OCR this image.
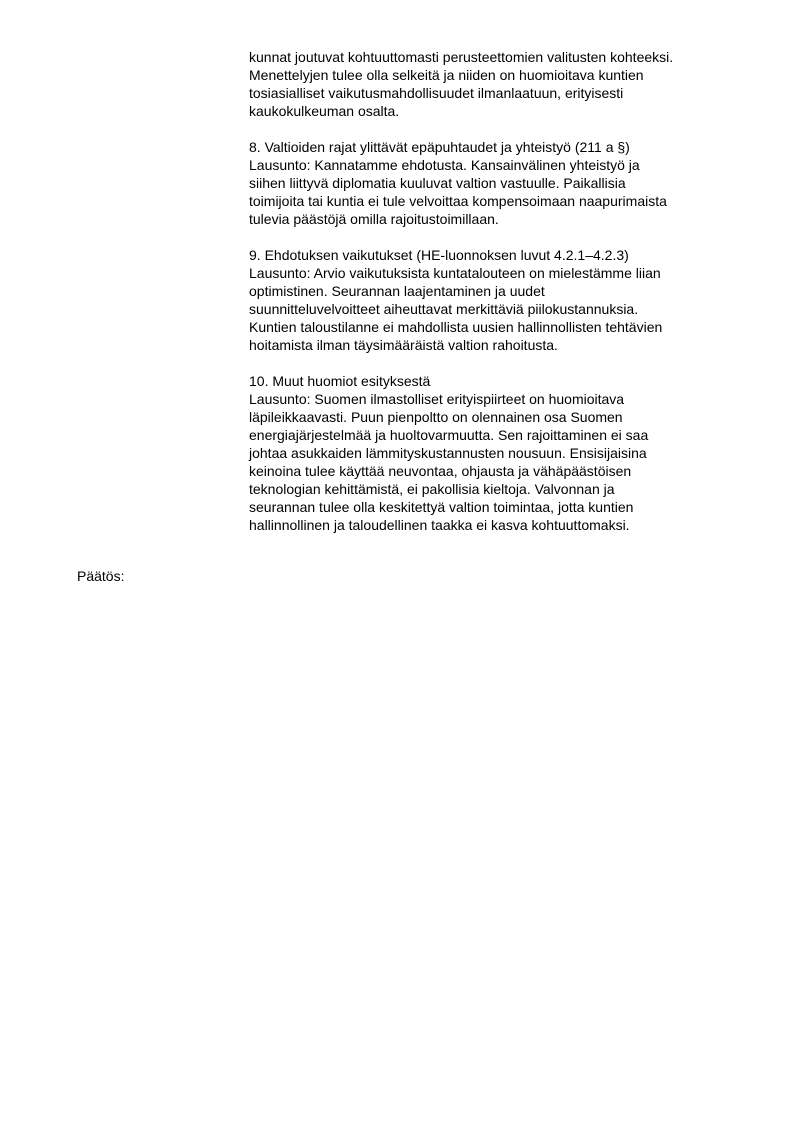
kunnat joutuvat kohtuuttomasti perusteettomien valitusten kohteeksi.
Menettelyjen tulee olla selkeitä ja niiden on huomioitava kuntien
tosiasialliset vaikutusmahdollisuudet ilmanlaatuun, erityisesti
kaukokulkeuman osalta.
8. Valtioiden rajat ylittävät epäpuhtaudet ja yhteistyö (211 a §)
Lausunto: Kannatamme ehdotusta. Kansainvälinen yhteistyö ja
siihen liittyvä diplomatia kuuluvat valtion vastuulle. Paikallisia
toimijoita tai kuntia ei tule velvoittaa kompensoimaan naapurimaista
tulevia päästöjä omilla rajoitustoimillaan.
9. Ehdotuksen vaikutukset (HE-luonnoksen luvut 4.2.1–4.2.3)
Lausunto: Arvio vaikutuksista kuntatalouteen on mielestämme liian
optimistinen. Seurannan laajentaminen ja uudet
suunnitteluvelvoitteet aiheuttavat merkittäviä piilokustannuksia.
Kuntien taloustilanne ei mahdollista uusien hallinnollisten tehtävien
hoitamista ilman täysimääräistä valtion rahoitusta.
10. Muut huomiot esityksestä
Lausunto: Suomen ilmastolliset erityispiirteet on huomioitava
läpileikkaavasti. Puun pienpoltto on olennainen osa Suomen
energiajärjestelmää ja huoltovarmuutta. Sen rajoittaminen ei saa
johtaa asukkaiden lämmityskustannusten nousuun. Ensisijaisina
keinoina tulee käyttää neuvontaa, ohjausta ja vähäpäästöisen
teknologian kehittämistä, ei pakollisia kieltoja. Valvonnan ja
seurannan tulee olla keskitettyä valtion toimintaa, jotta kuntien
hallinnollinen ja taloudellinen taakka ei kasva kohtuuttomaksi.
Päätös:
